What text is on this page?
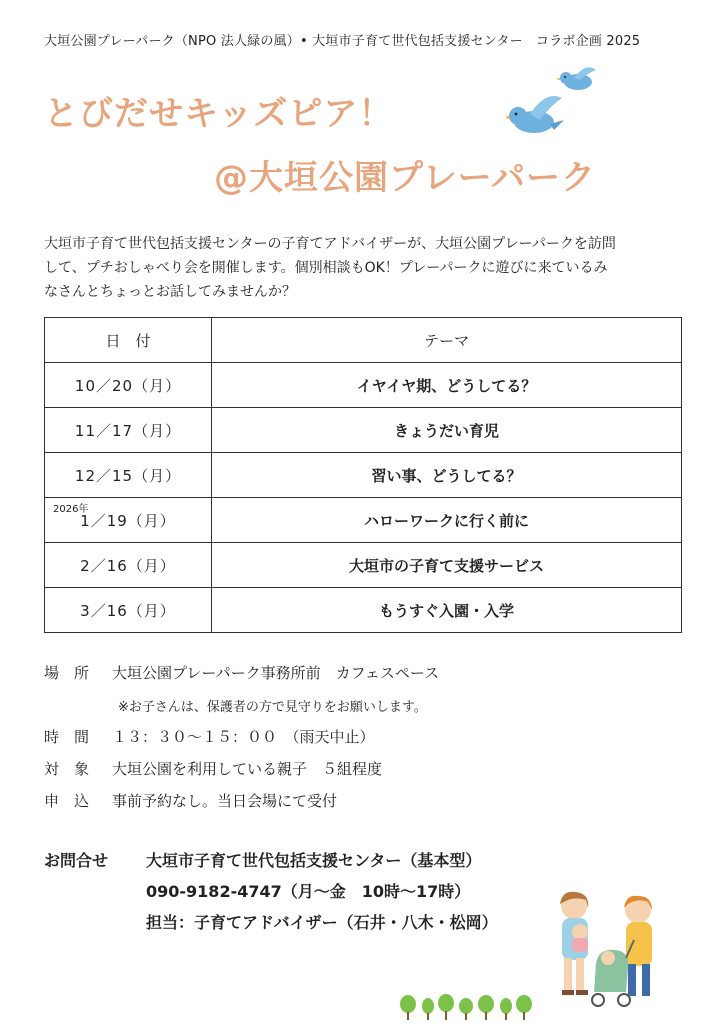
大垣公園プレーパーク（NPO 法人緑の風）• 大垣市子育て世代包括支援センター　コラボ企画 2025
とびだせキッズピア！
@大垣公園プレーパーク
大垣市子育て世代包括支援センターの子育てアドバイザーが、大垣公園プレーパークを訪問
して、プチおしゃべり会を開催します。個別相談もOK！プレーパークに遊びに来ているみ
なさんとちょっとお話してみませんか？
日　付	テーマ
10／20（月）	イヤイヤ期、どうしてる？
11／17（月）	きょうだい育児
12／15（月）	習い事、どうしてる？

2026年
1／19（月）	ハローワークに行く前に
2／16（月）	大垣市の子育て支援サービス
3／16（月）	もうすぐ入園・入学
場　所 大垣公園プレーパーク事務所前　カフェスペース
※お子さんは、保護者の方で見守りをお願いします。
時　間 １３：３０～１５：００　（雨天中止）
対　象 大垣公園を利用している親子　５組程度
申　込 事前予約なし。当日会場にて受付
お問合せ 大垣市子育て世代包括支援センター（基本型）
090-9182-4747（月～金　10時～17時）
担当：子育てアドバイザー（石井・八木・松岡）
